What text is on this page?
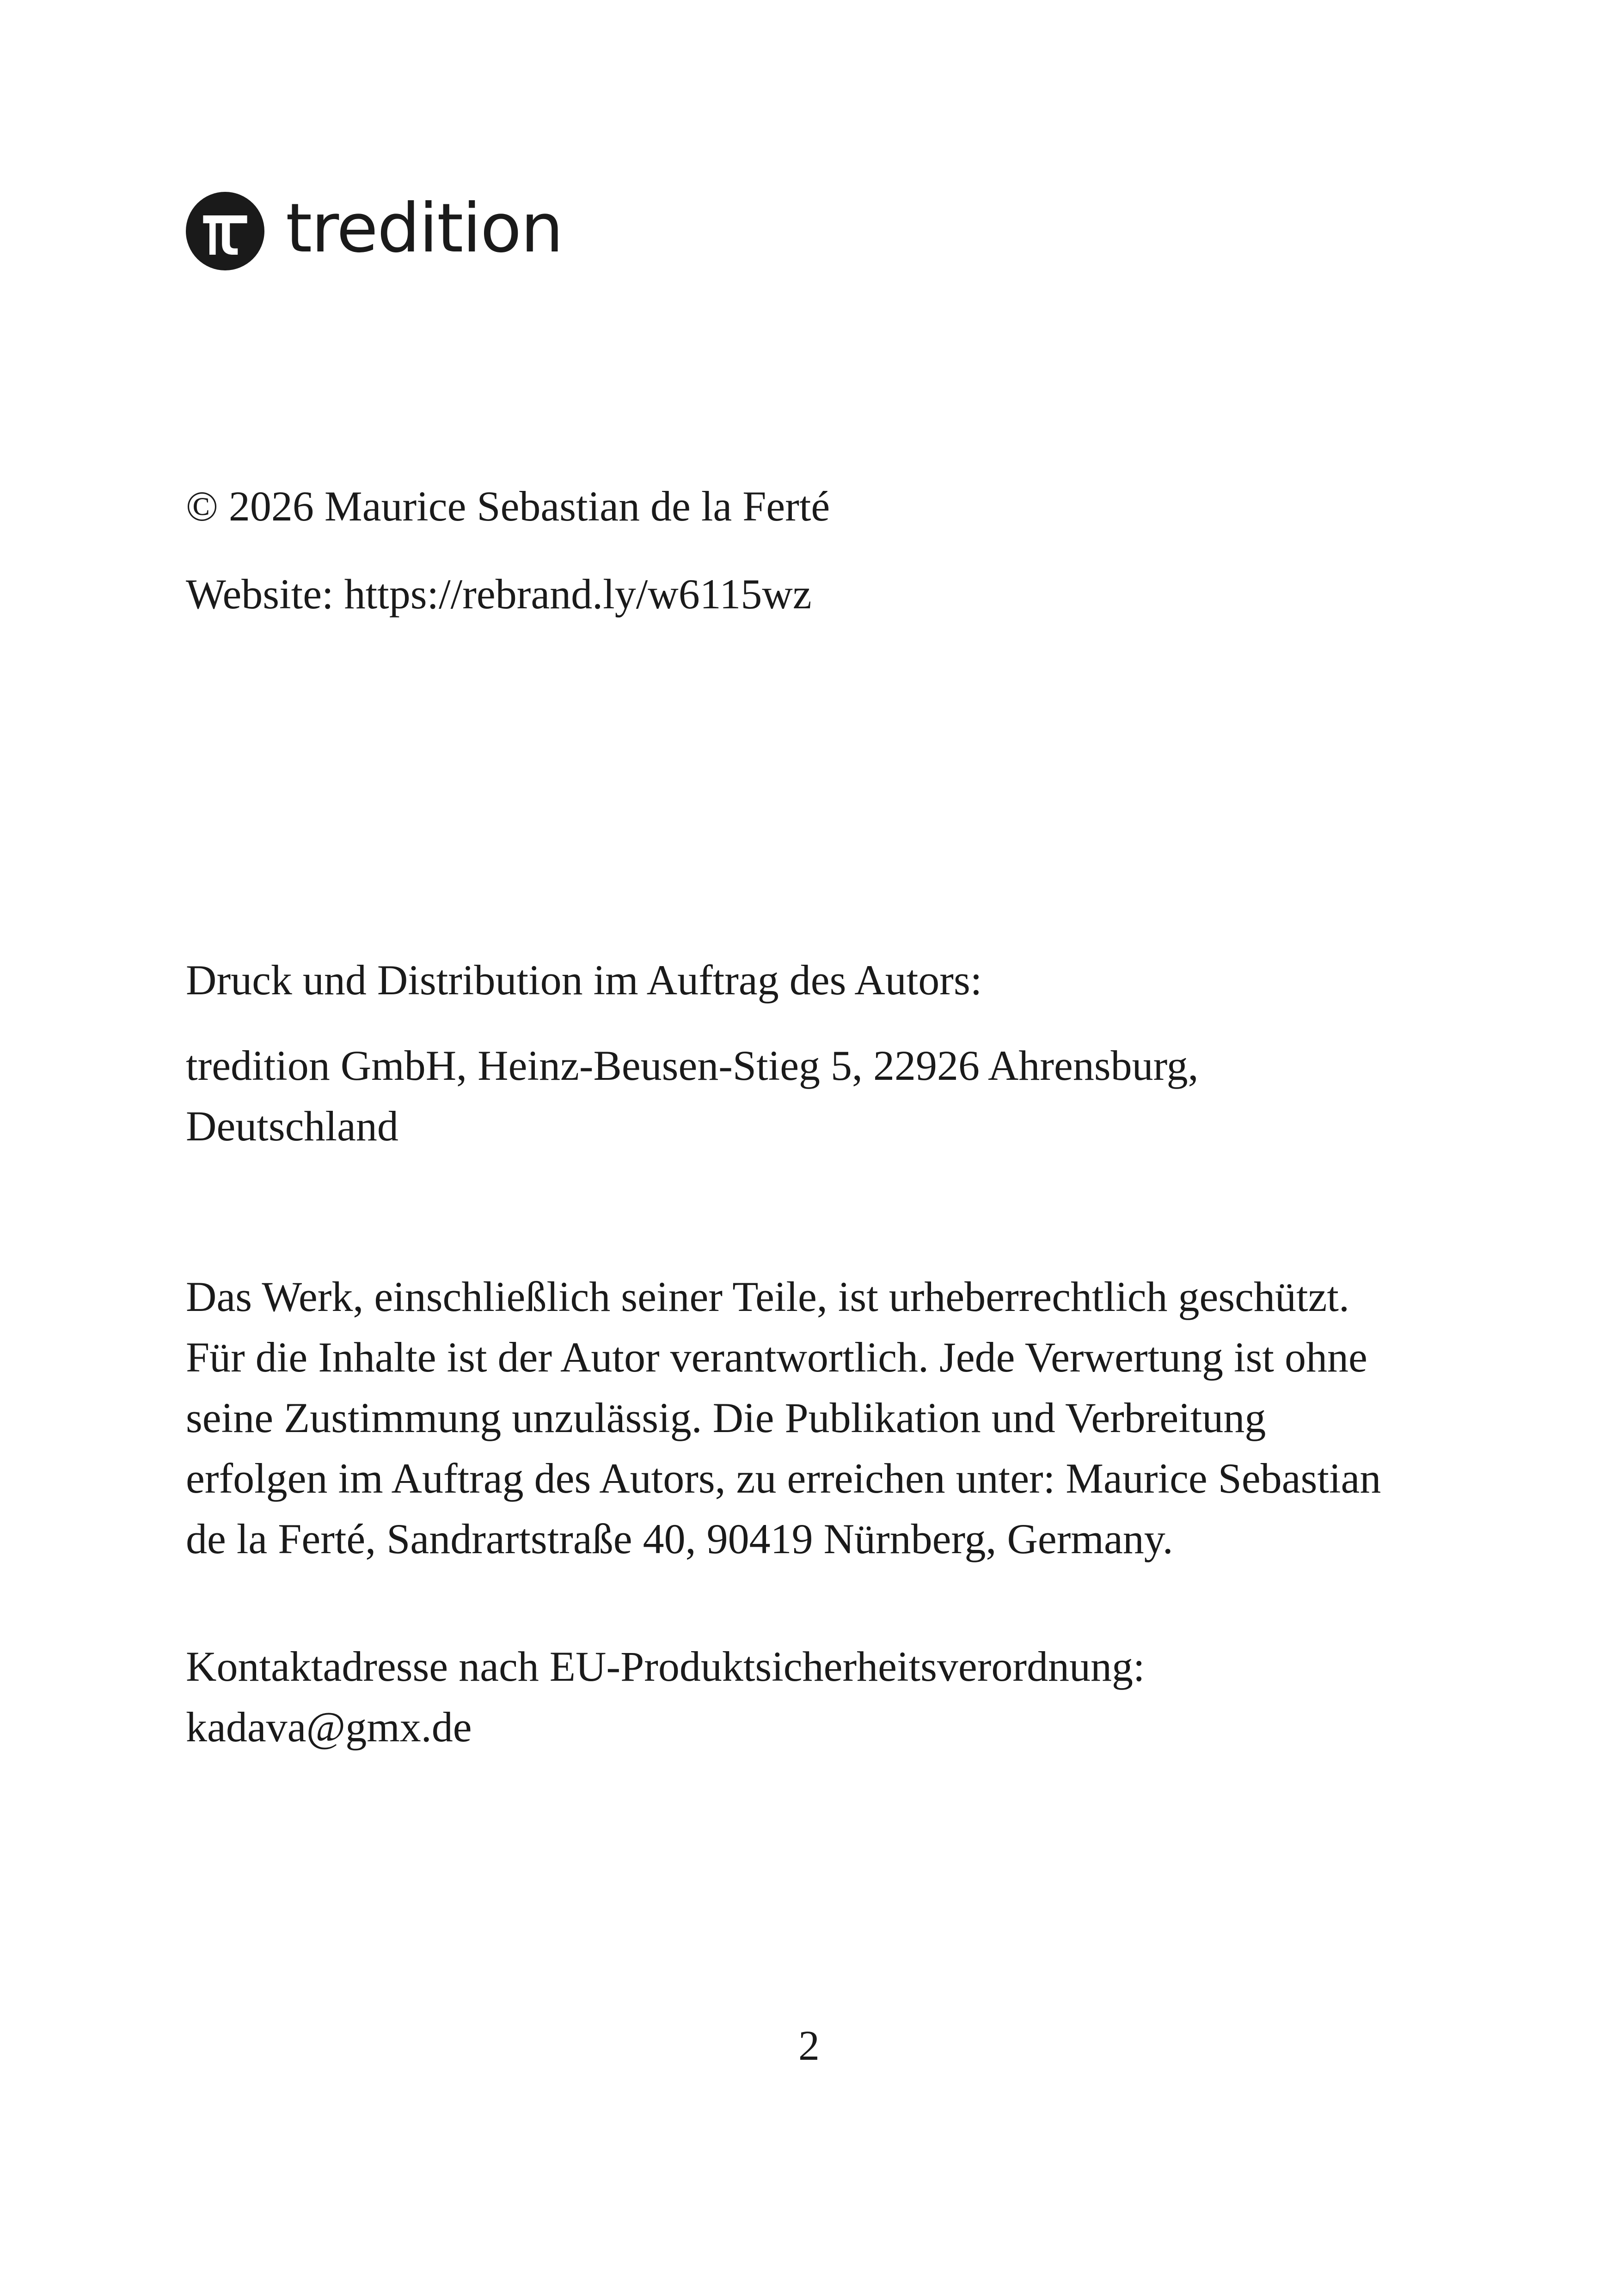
tredition
© 2026 Maurice Sebastian de la Ferté
Website: https://rebrand.ly/w6115wz
Druck und Distribution im Auftrag des Autors:
tredition GmbH, Heinz-Beusen-Stieg 5, 22926 Ahrensburg,
Deutschland
Das Werk, einschließlich seiner Teile, ist urheberrechtlich geschützt.
Für die Inhalte ist der Autor verantwortlich. Jede Verwertung ist ohne
seine Zustimmung unzulässig. Die Publikation und Verbreitung
erfolgen im Auftrag des Autors, zu erreichen unter: Maurice Sebastian
de la Ferté, Sandrartstraße 40, 90419 Nürnberg, Germany.
Kontaktadresse nach EU-Produktsicherheitsverordnung:
kadava@gmx.de
2
